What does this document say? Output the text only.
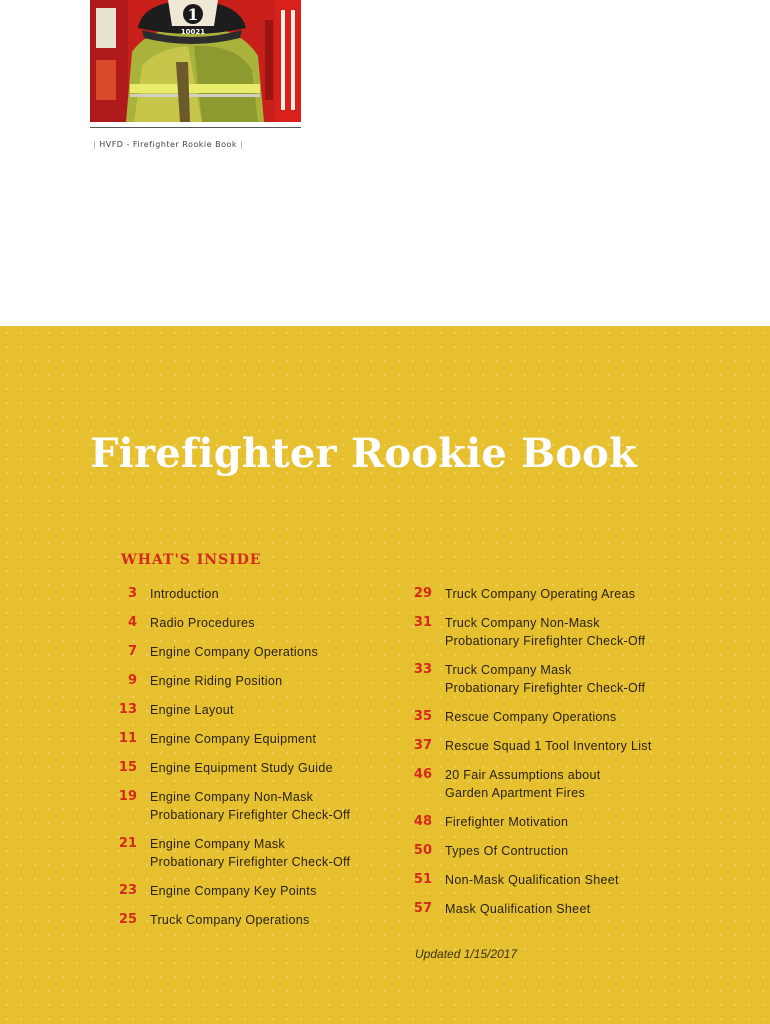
1
10021
| HVFD - Firefighter Rookie Book |
Firefighter Rookie Book
WHAT'S INSIDE
3 Introduction
4 Radio Procedures
7 Engine Company Operations
9 Engine Riding Position
13 Engine Layout
11 Engine Company Equipment
15 Engine Equipment Study Guide
19 Engine Company Non-Mask
Probationary Firefighter Check-Off
21 Engine Company Mask
Probationary Firefighter Check-Off
23 Engine Company Key Points
25 Truck Company Operations
29 Truck Company Operating Areas
31 Truck Company Non-Mask
Probationary Firefighter Check-Off
33 Truck Company Mask
Probationary Firefighter Check-Off
35 Rescue Company Operations
37 Rescue Squad 1 Tool Inventory List
46 20 Fair Assumptions about
Garden Apartment Fires
48 Firefighter Motivation
50 Types Of Contruction
51 Non-Mask Qualification Sheet
57 Mask Qualification Sheet
Updated 1/15/2017
